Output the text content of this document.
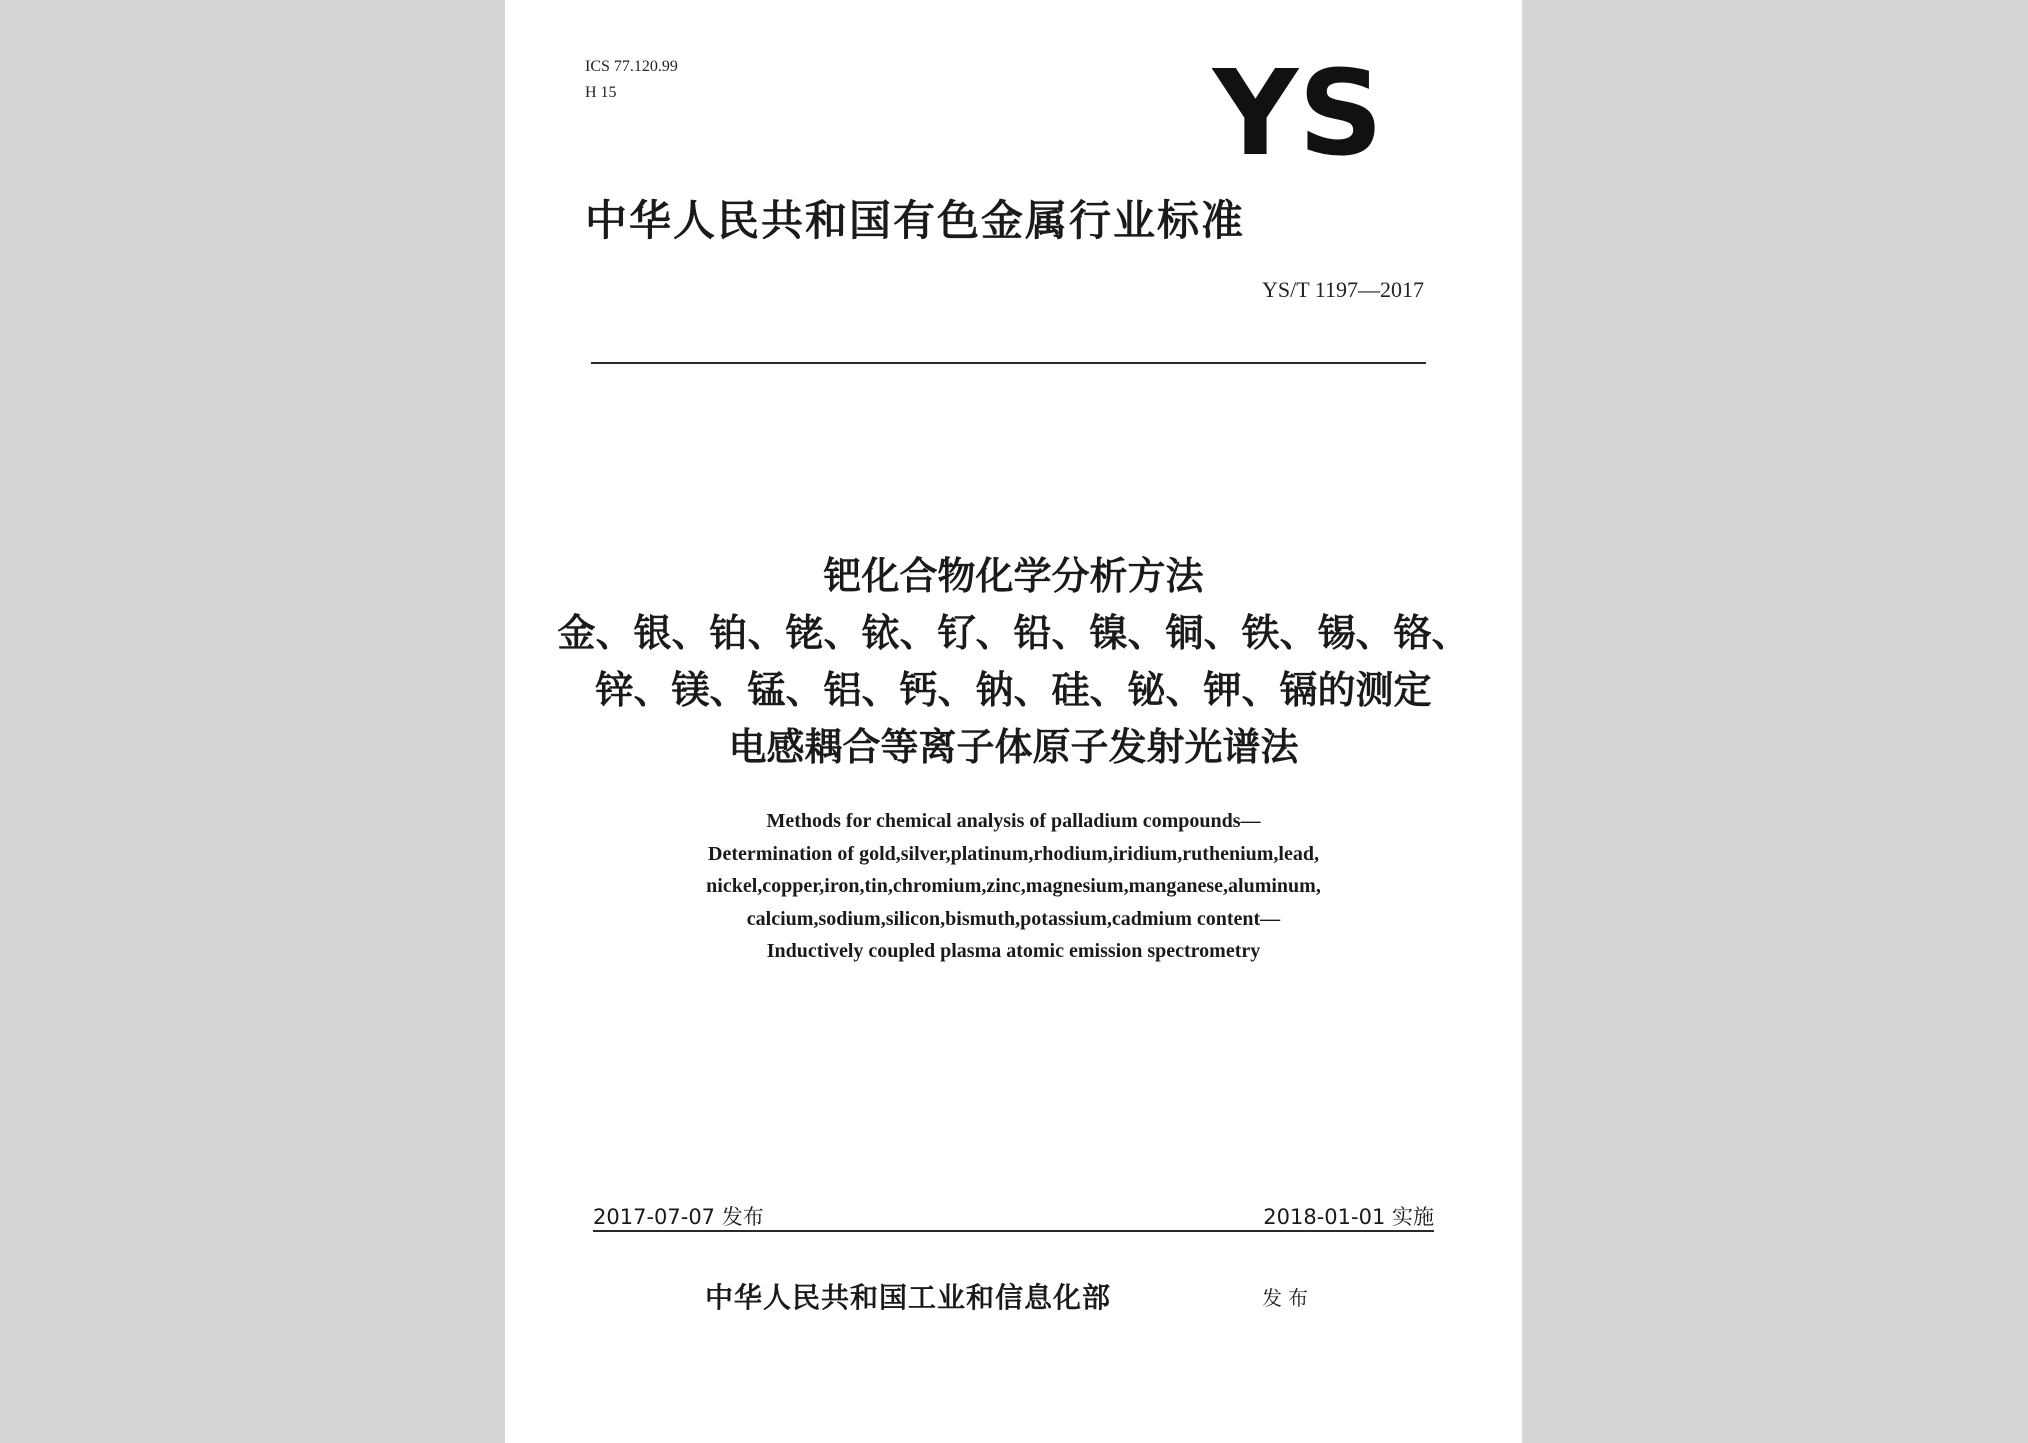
ICS 77.120.99
H 15	YS
中华人民共和国有色金属行业标准
YS/T 1197—2017
钯化合物化学分析方法
金、银、铂、铑、铱、钌、铅、镍、铜、铁、锡、铬、
锌、镁、锰、铝、钙、钠、硅、铋、钾、镉的测定
电感耦合等离子体原子发射光谱法
Methods for chemical analysis of palladium compounds—
Determination of gold,silver,platinum,rhodium,iridium,ruthenium,lead,
nickel,copper,iron,tin,chromium,zinc,magnesium,manganese,aluminum,
calcium,sodium,silicon,bismuth,potassium,cadmium content—
Inductively coupled plasma atomic emission spectrometry
2017-07-07 发布	2018-01-01 实施
中华人民共和国工业和信息化部	发布
